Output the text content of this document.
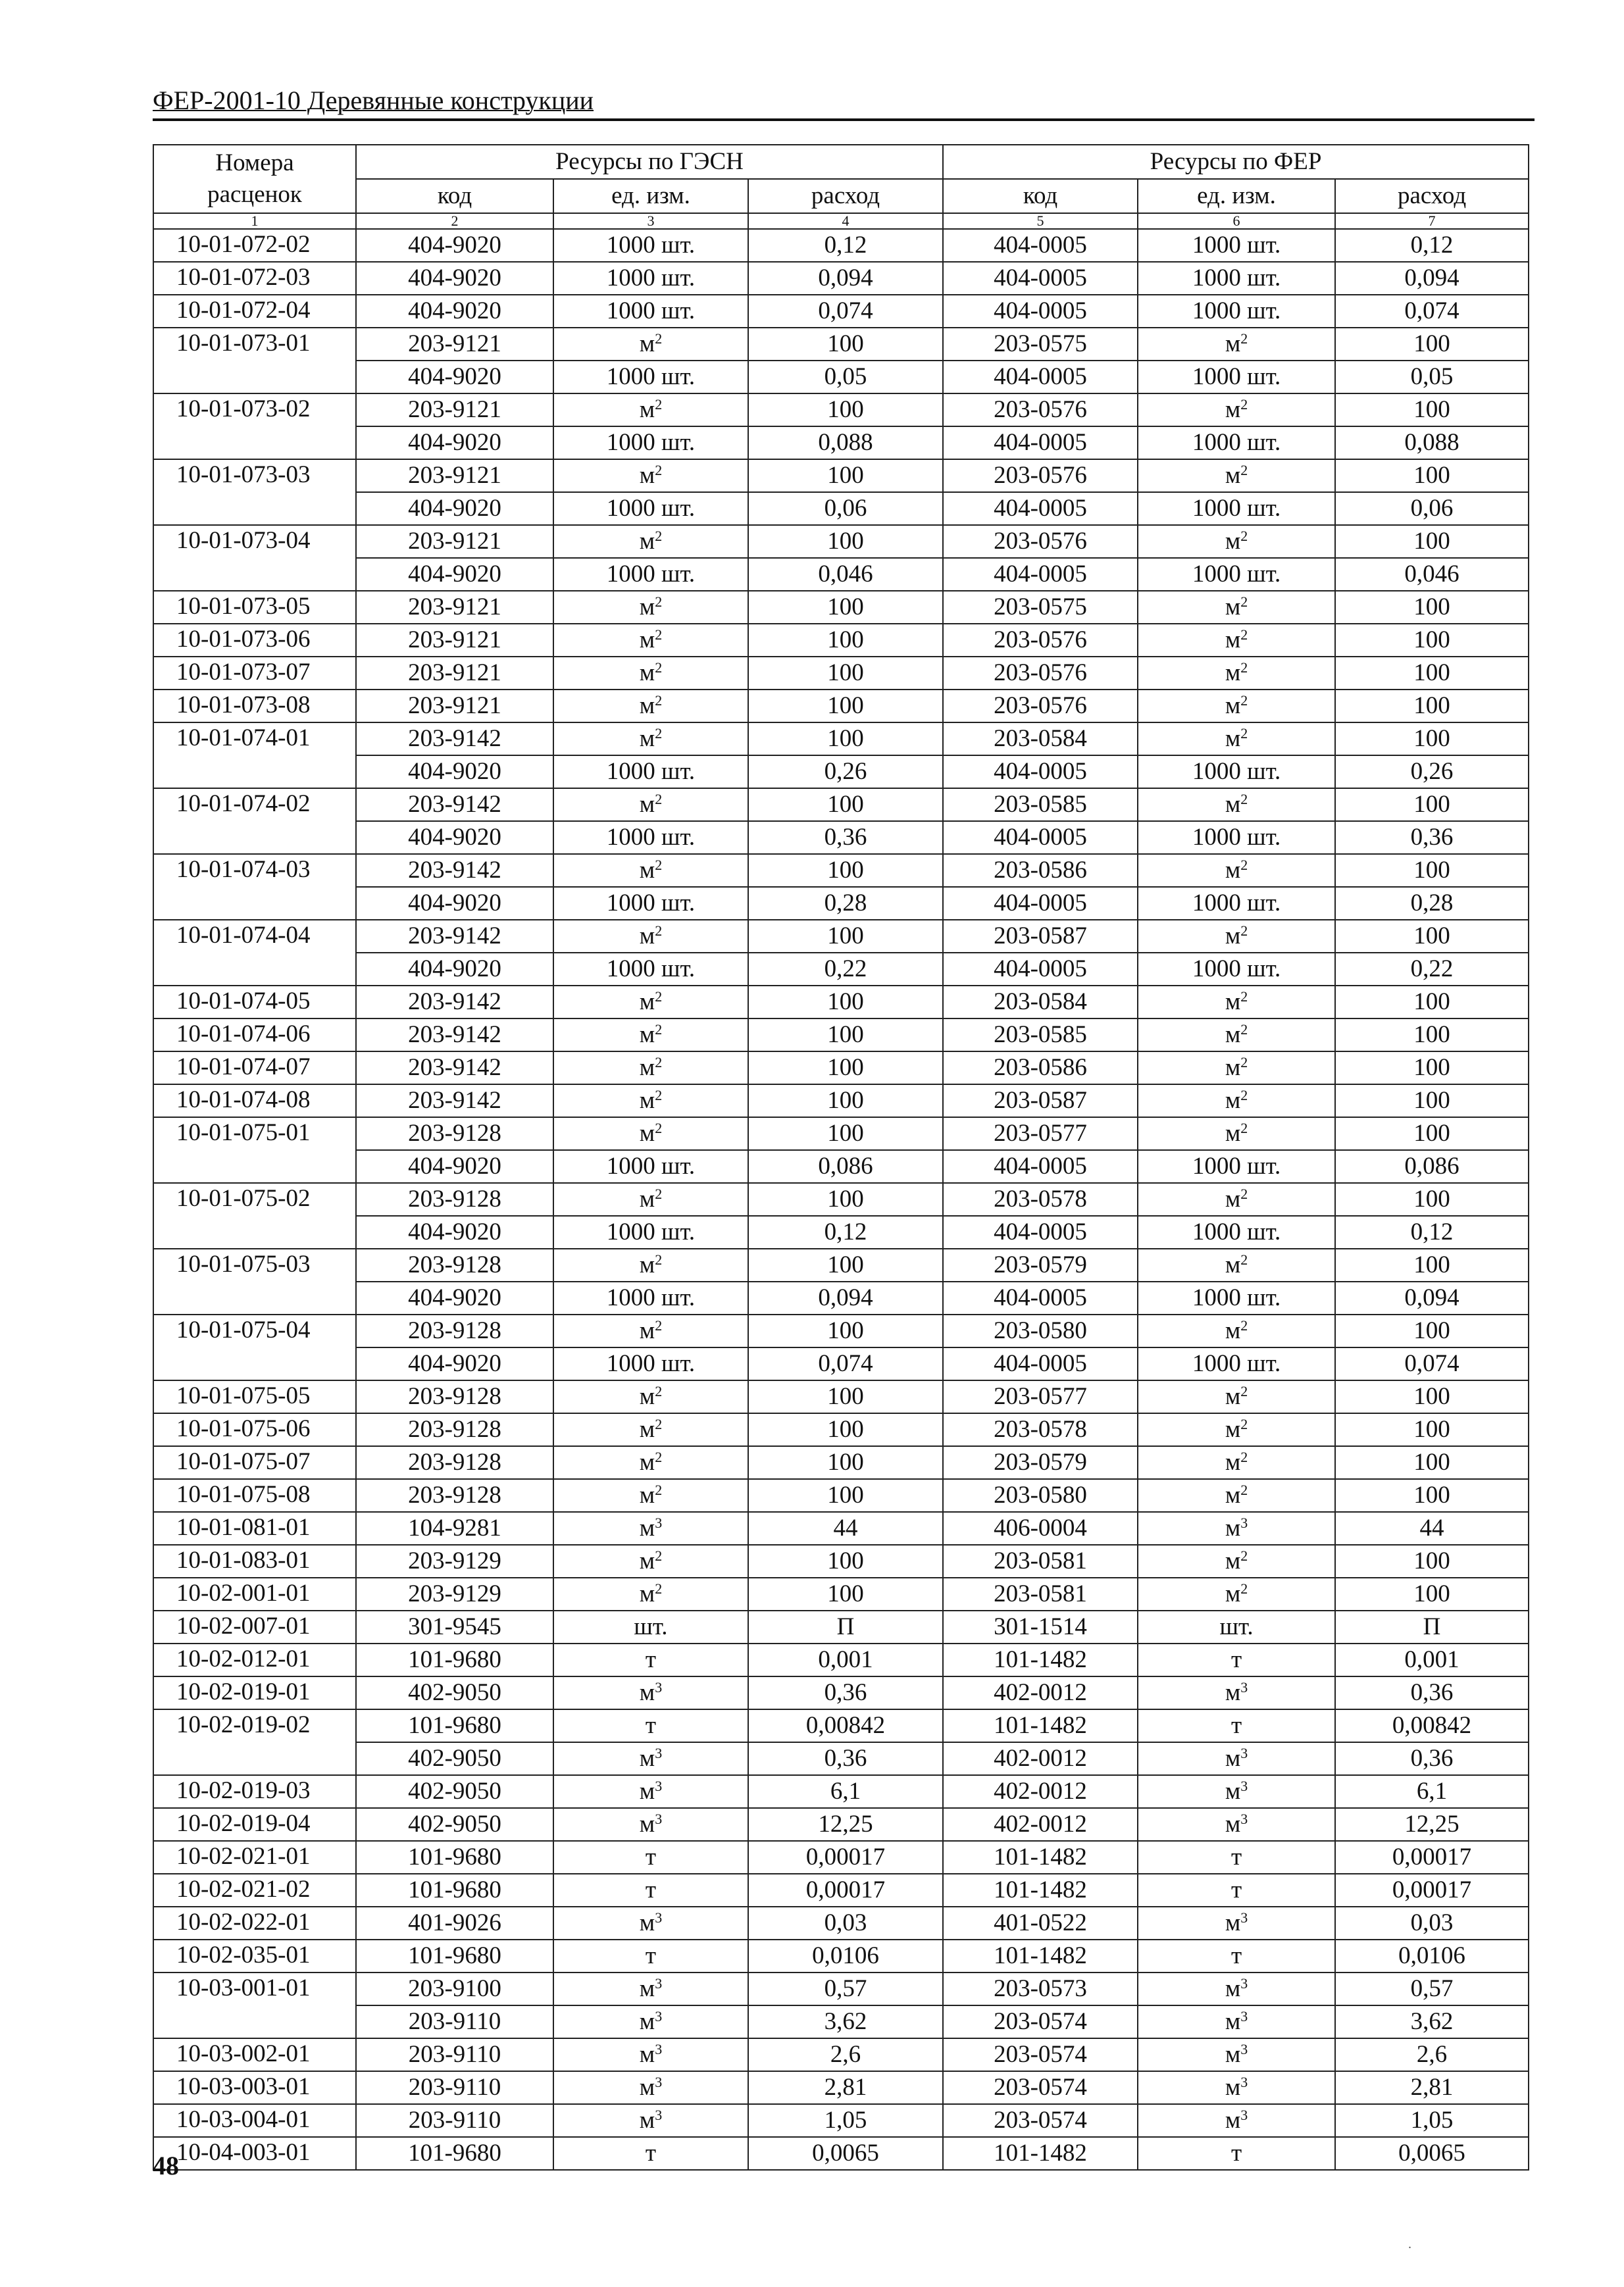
ФЕР-2001-10 Деревянные конструкции
Номера
расценок	Ресурсы по ГЭСН			Ресурсы по ФЕР		
	код	ед. изм.	расход	код	ед. изм.	расход
1	2	3	4	5	6	7
10-01-072-02	404-9020	1000 шт.	0,12	404-0005	1000 шт.	0,12
10-01-072-03	404-9020	1000 шт.	0,094	404-0005	1000 шт.	0,094
10-01-072-04	404-9020	1000 шт.	0,074	404-0005	1000 шт.	0,074
10-01-073-01	203-9121	$м^2$	100	203-0575	$м^2$	100
	404-9020	1000 шт.	0,05	404-0005	1000 шт.	0,05
10-01-073-02	203-9121	$м^2$	100	203-0576	$м^2$	100
	404-9020	1000 шт.	0,088	404-0005	1000 шт.	0,088
10-01-073-03	203-9121	$м^2$	100	203-0576	$м^2$	100
	404-9020	1000 шт.	0,06	404-0005	1000 шт.	0,06
10-01-073-04	203-9121	$м^2$	100	203-0576	$м^2$	100
	404-9020	1000 шт.	0,046	404-0005	1000 шт.	0,046
10-01-073-05	203-9121	$м^2$	100	203-0575	$м^2$	100
10-01-073-06	203-9121	$м^2$	100	203-0576	$м^2$	100
10-01-073-07	203-9121	$м^2$	100	203-0576	$м^2$	100
10-01-073-08	203-9121	$м^2$	100	203-0576	$м^2$	100
10-01-074-01	203-9142	$м^2$	100	203-0584	$м^2$	100
	404-9020	1000 шт.	0,26	404-0005	1000 шт.	0,26
10-01-074-02	203-9142	$м^2$	100	203-0585	$м^2$	100
	404-9020	1000 шт.	0,36	404-0005	1000 шт.	0,36
10-01-074-03	203-9142	$м^2$	100	203-0586	$м^2$	100
	404-9020	1000 шт.	0,28	404-0005	1000 шт.	0,28
10-01-074-04	203-9142	$м^2$	100	203-0587	$м^2$	100
	404-9020	1000 шт.	0,22	404-0005	1000 шт.	0,22
10-01-074-05	203-9142	$м^2$	100	203-0584	$м^2$	100
10-01-074-06	203-9142	$м^2$	100	203-0585	$м^2$	100
10-01-074-07	203-9142	$м^2$	100	203-0586	$м^2$	100
10-01-074-08	203-9142	$м^2$	100	203-0587	$м^2$	100
10-01-075-01	203-9128	$м^2$	100	203-0577	$м^2$	100
	404-9020	1000 шт.	0,086	404-0005	1000 шт.	0,086
10-01-075-02	203-9128	$м^2$	100	203-0578	$м^2$	100
	404-9020	1000 шт.	0,12	404-0005	1000 шт.	0,12
10-01-075-03	203-9128	$м^2$	100	203-0579	$м^2$	100
	404-9020	1000 шт.	0,094	404-0005	1000 шт.	0,094
10-01-075-04	203-9128	$м^2$	100	203-0580	$м^2$	100
	404-9020	1000 шт.	0,074	404-0005	1000 шт.	0,074
10-01-075-05	203-9128	$м^2$	100	203-0577	$м^2$	100
10-01-075-06	203-9128	$м^2$	100	203-0578	$м^2$	100
10-01-075-07	203-9128	$м^2$	100	203-0579	$м^2$	100
10-01-075-08	203-9128	$м^2$	100	203-0580	$м^2$	100
10-01-081-01	104-9281	$м^3$	44	406-0004	$м^3$	44
10-01-083-01	203-9129	$м^2$	100	203-0581	$м^2$	100
10-02-001-01	203-9129	$м^2$	100	203-0581	$м^2$	100
10-02-007-01	301-9545	шт.	П	301-1514	шт.	П
10-02-012-01	101-9680	т	0,001	101-1482	т	0,001
10-02-019-01	402-9050	$м^3$	0,36	402-0012	$м^3$	0,36
10-02-019-02	101-9680	т	0,00842	101-1482	т	0,00842
	402-9050	$м^3$	0,36	402-0012	$м^3$	0,36
10-02-019-03	402-9050	$м^3$	6,1	402-0012	$м^3$	6,1
10-02-019-04	402-9050	$м^3$	12,25	402-0012	$м^3$	12,25
10-02-021-01	101-9680	т	0,00017	101-1482	т	0,00017
10-02-021-02	101-9680	т	0,00017	101-1482	т	0,00017
10-02-022-01	401-9026	$м^3$	0,03	401-0522	$м^3$	0,03
10-02-035-01	101-9680	т	0,0106	101-1482	т	0,0106
10-03-001-01	203-9100	$м^3$	0,57	203-0573	$м^3$	0,57
	203-9110	$м^3$	3,62	203-0574	$м^3$	3,62
10-03-002-01	203-9110	$м^3$	2,6	203-0574	$м^3$	2,6
10-03-003-01	203-9110	$м^3$	2,81	203-0574	$м^3$	2,81
10-03-004-01	203-9110	$м^3$	1,05	203-0574	$м^3$	1,05
10-04-003-01	101-9680	т	0,0065	101-1482	т	0,0065
48
.
